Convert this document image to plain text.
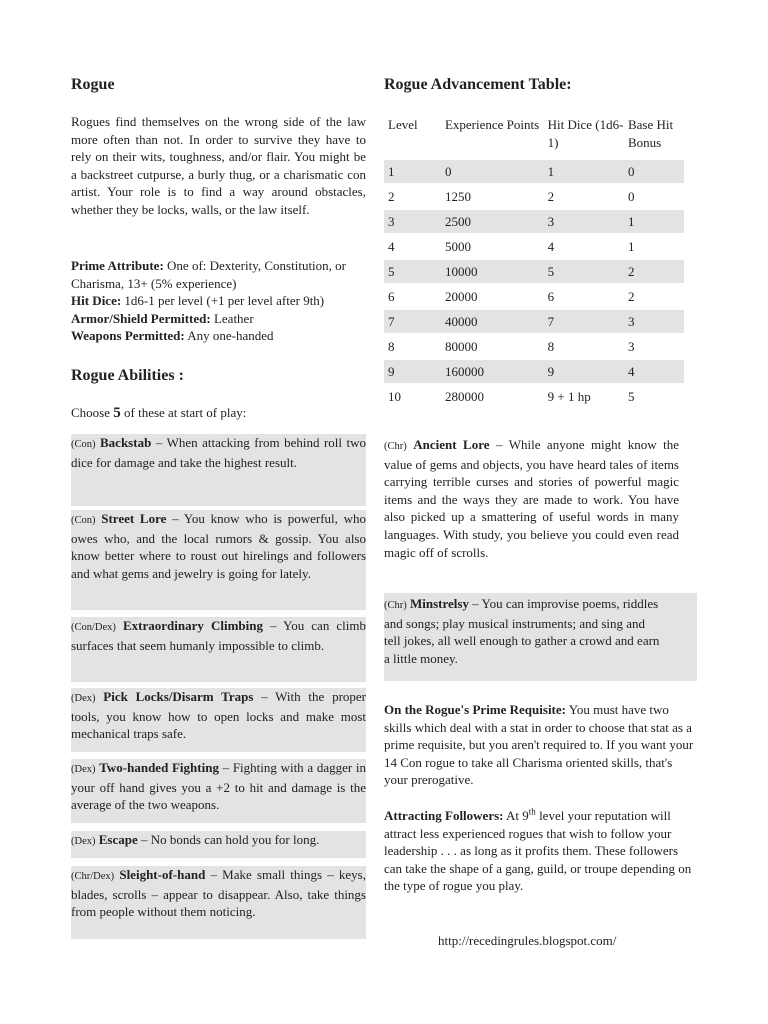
Rogue
Rogues find themselves on the wrong side of the law more often than not. In order to survive they have to rely on their wits, toughness, and/or flair. You might be a backstreet cutpurse, a burly thug, or a charismatic con artist. Your role is to find a way around obstacles, whether they be locks, walls, or the law itself.
Prime Attribute: One of: Dexterity, Constitution, or Charisma, 13+ (5% experience)
Hit Dice: 1d6-1 per level (+1 per level after 9th)
Armor/Shield Permitted: Leather
Weapons Permitted: Any one-handed
Rogue Abilities :
Choose 5 of these at start of play:
(Con) Backstab – When attacking from behind roll two dice for damage and take the highest result.
(Con) Street Lore – You know who is powerful, who owes who, and the local rumors & gossip. You also know better where to roust out hirelings and followers and what gems and jewelry is going for lately.
(Con/Dex) Extraordinary Climbing – You can climb surfaces that seem humanly impossible to climb.
(Dex) Pick Locks/Disarm Traps – With the proper tools, you know how to open locks and make most mechanical traps safe.
(Dex) Two-handed Fighting – Fighting with a dagger in your off hand gives you a +2 to hit and damage is the average of the two weapons.
(Dex) Escape – No bonds can hold you for long.
(Chr/Dex) Sleight-of-hand – Make small things – keys, blades, scrolls – appear to disappear. Also, take things from people without them noticing.
Rogue Advancement Table:
Level	Experience Points	Hit Dice (1d6-1)	Base Hit Bonus
1	0	1	0
2	1250	2	0
3	2500	3	1
4	5000	4	1
5	10000	5	2
6	20000	6	2
7	40000	7	3
8	80000	8	3
9	160000	9	4
10	280000	9 + 1 hp	5
(Chr) Ancient Lore – While anyone might know the value of gems and objects, you have heard tales of items carrying terrible curses and stories of powerful magic items and the ways they are made to work. You have also picked up a smattering of useful words in many languages. With study, you believe you could even read magic off of scrolls.
(Chr) Minstrelsy – You can improvise poems, riddles and songs; play musical instruments; and sing and tell jokes, all well enough to gather a crowd and earn a little money.
On the Rogue's Prime Requisite: You must have two skills which deal with a stat in order to choose that stat as a prime requisite, but you aren't required to. If you want your 14 Con rogue to take all Charisma oriented skills, that's your prerogative.
Attracting Followers: At 9th level your reputation will attract less experienced rogues that wish to follow your leadership . . . as long as it profits them. These followers can take the shape of a gang, guild, or troupe depending on the type of rogue you play.
http://recedingrules.blogspot.com/
